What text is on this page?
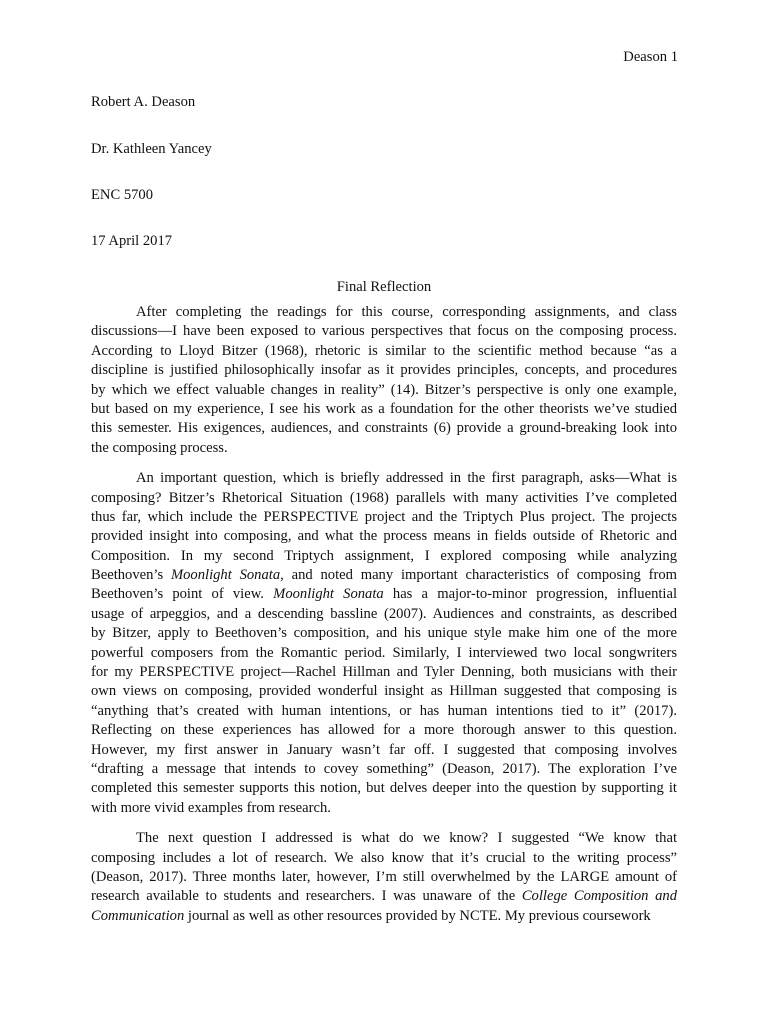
Deason 1
Robert A. Deason
Dr. Kathleen Yancey
ENC 5700
17 April 2017
Final Reflection
After completing the readings for this course, corresponding assignments, and class
discussions—I have been exposed to various perspectives that focus on the composing process.
According to Lloyd Bitzer (1968), rhetoric is similar to the scientific method because “as a
discipline is justified philosophically insofar as it provides principles, concepts, and procedures
by which we effect valuable changes in reality” (14). Bitzer’s perspective is only one example,
but based on my experience, I see his work as a foundation for the other theorists we’ve studied
this semester. His exigences, audiences, and constraints (6) provide a ground-breaking look into
the composing process.
An important question, which is briefly addressed in the first paragraph, asks—What is
composing? Bitzer’s Rhetorical Situation (1968) parallels with many activities I’ve completed
thus far, which include the PERSPECTIVE project and the Triptych Plus project. The projects
provided insight into composing, and what the process means in fields outside of Rhetoric and
Composition. In my second Triptych assignment, I explored composing while analyzing
Beethoven’s Moonlight Sonata, and noted many important characteristics of composing from
Beethoven’s point of view. Moonlight Sonata has a major-to-minor progression, influential
usage of arpeggios, and a descending bassline (2007). Audiences and constraints, as described
by Bitzer, apply to Beethoven’s composition, and his unique style make him one of the more
powerful composers from the Romantic period. Similarly, I interviewed two local songwriters
for my PERSPECTIVE project—Rachel Hillman and Tyler Denning, both musicians with their
own views on composing, provided wonderful insight as Hillman suggested that composing is
“anything that’s created with human intentions, or has human intentions tied to it” (2017).
Reflecting on these experiences has allowed for a more thorough answer to this question.
However, my first answer in January wasn’t far off. I suggested that composing involves
“drafting a message that intends to covey something” (Deason, 2017). The exploration I’ve
completed this semester supports this notion, but delves deeper into the question by supporting it
with more vivid examples from research.
The next question I addressed is what do we know? I suggested “We know that
composing includes a lot of research. We also know that it’s crucial to the writing process”
(Deason, 2017). Three months later, however, I’m still overwhelmed by the LARGE amount of
research available to students and researchers. I was unaware of the College Composition and
Communication journal as well as other resources provided by NCTE. My previous coursework
